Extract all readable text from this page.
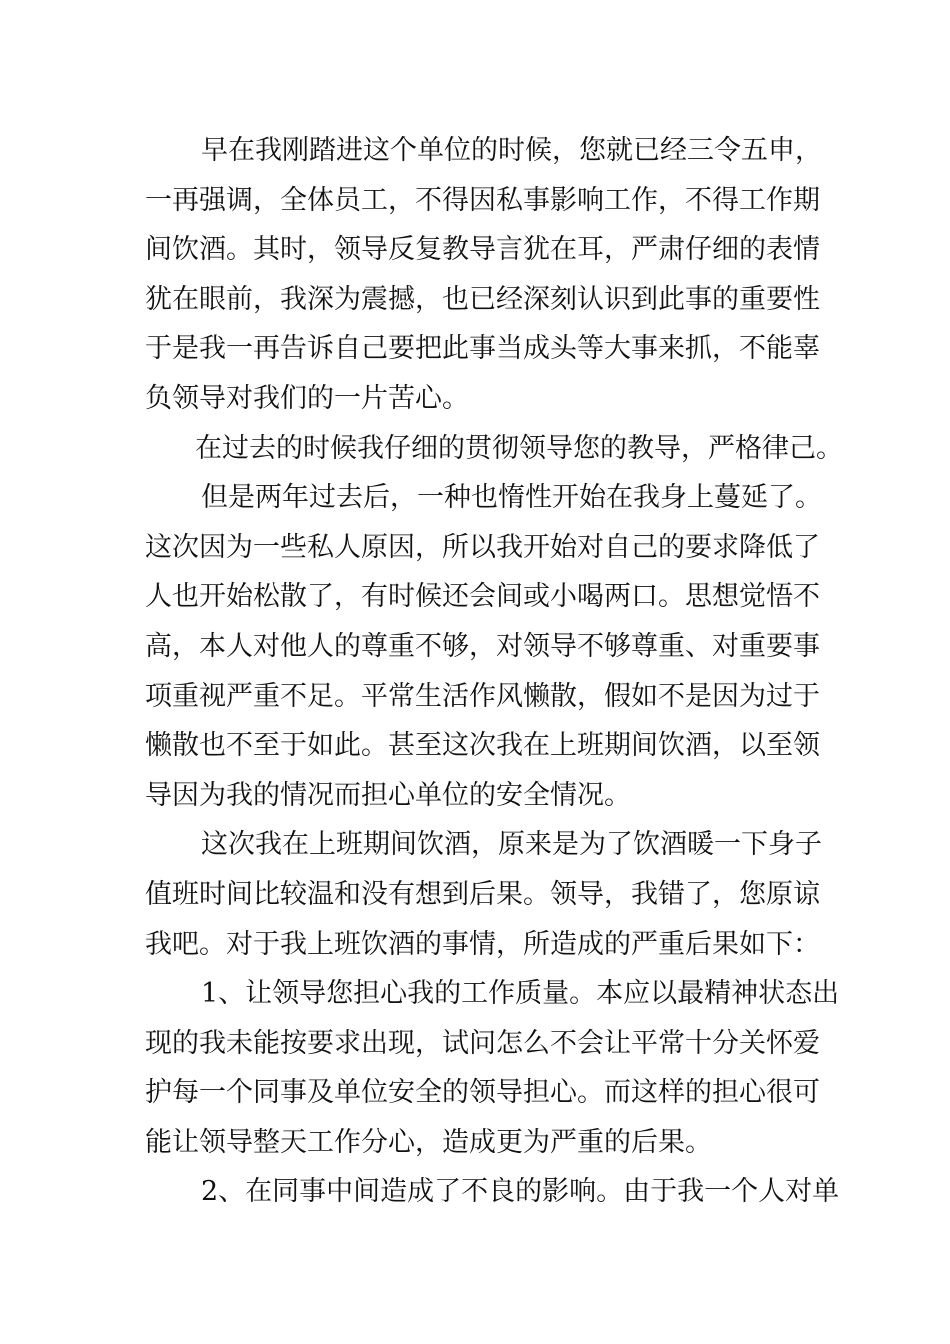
早在我刚踏进这个单位的时候，您就已经三令五申，
一再强调，全体员工，不得因私事影响工作，不得工作期
间饮酒。其时，领导反复教导言犹在耳，严肃仔细的表情
犹在眼前，我深为震撼，也已经深刻认识到此事的重要性
于是我一再告诉自己要把此事当成头等大事来抓，不能辜
负领导对我们的一片苦心。
在过去的时候我仔细的贯彻领导您的教导，严格律己。
但是两年过去后，一种也惰性开始在我身上蔓延了。
这次因为一些私人原因，所以我开始对自己的要求降低了
人也开始松散了，有时候还会间或小喝两口。思想觉悟不
高，本人对他人的尊重不够，对领导不够尊重、对重要事
项重视严重不足。平常生活作风懒散，假如不是因为过于
懒散也不至于如此。甚至这次我在上班期间饮酒，以至领
导因为我的情况而担心单位的安全情况。
这次我在上班期间饮酒，原来是为了饮酒暖一下身子
值班时间比较温和没有想到后果。领导，我错了，您原谅
我吧。对于我上班饮酒的事情，所造成的严重后果如下：
1、让领导您担心我的工作质量。本应以最精神状态出
现的我未能按要求出现，试问怎么不会让平常十分关怀爱
护每一个同事及单位安全的领导担心。而这样的担心很可
能让领导整天工作分心，造成更为严重的后果。
2、在同事中间造成了不良的影响。由于我一个人对单
